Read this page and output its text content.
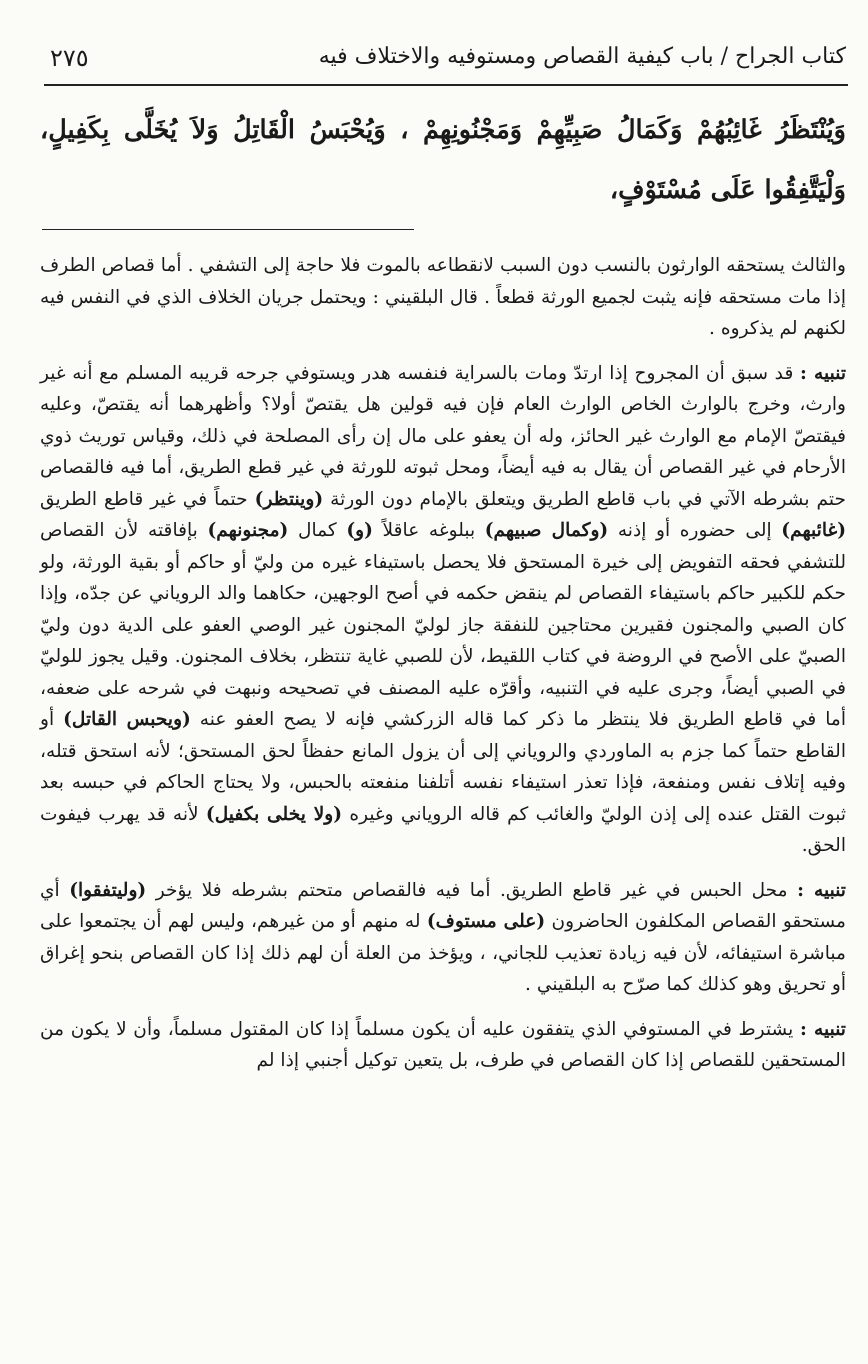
كتاب الجراح / باب كيفية القصاص ومستوفيه والاختلاف فيه
٢٧٥
وَيُنْتَظَرُ غَائِبُهُمْ وَكَمَالُ صَبِيِّهِمْ وَمَجْنُونِهِمْ ، وَيُحْبَسُ الْقَاتِلُ وَلاَ يُخَلَّى بِكَفِيلٍ، وَلْيَتَّفِقُوا عَلَى مُسْتَوْفٍ،

والثالث يستحقه الوارثون بالنسب دون السبب لانقطاعه بالموت فلا حاجة إلى التشفي . أما قصاص الطرف إذا مات مستحقه فإنه يثبت لجميع الورثة قطعاً . قال البلقيني : ويحتمل جريان الخلاف الذي في النفس فيه لكنهم لم يذكروه .

تنبيه : قد سبق أن المجروح إذا ارتدّ ومات بالسراية فنفسه هدر ويستوفي جرحه قريبه المسلم مع أنه غير وارث، وخرج بالوارث الخاص الوارث العام فإن فيه قولين هل يقتصّ أولا؟ وأظهرهما أنه يقتصّ، وعليه فيقتصّ الإمام مع الوارث غير الحائز، وله أن يعفو على مال إن رأى المصلحة في ذلك، وقياس توريث ذوي الأرحام في غير القصاص أن يقال به فيه أيضاً، ومحل ثبوته للورثة في غير قطع الطريق، أما فيه فالقصاص حتم بشرطه الآتي في باب قاطع الطريق ويتعلق بالإمام دون الورثة (وينتظر) حتماً في غير قاطع الطريق (غائبهم) إلى حضوره أو إذنه (وكمال صبيهم) ببلوغه عاقلاً (و) كمال (مجنونهم) بإفاقته لأن القصاص للتشفي فحقه التفويض إلى خيرة المستحق فلا يحصل باستيفاء غيره من وليّ أو حاكم أو بقية الورثة، ولو حكم للكبير حاكم باستيفاء القصاص لم ينقض حكمه في أصح الوجهين، حكاهما والد الروياني عن جدّه، وإذا كان الصبي والمجنون فقيرين محتاجين للنفقة جاز لوليّ المجنون غير الوصي العفو على الدية دون وليّ الصبيّ على الأصح في الروضة في كتاب اللقيط، لأن للصبي غاية تنتظر، بخلاف المجنون. وقيل يجوز للوليّ في الصبي أيضاً، وجرى عليه في التنبيه، وأقرّه عليه المصنف في تصحيحه ونبهت في شرحه على ضعفه، أما في قاطع الطريق فلا ينتظر ما ذكر كما قاله الزركشي فإنه لا يصح العفو عنه (ويحبس القاتل) أو القاطع حتماً كما جزم به الماوردي والروياني إلى أن يزول المانع حفظاً لحق المستحق؛ لأنه استحق قتله، وفيه إتلاف نفس ومنفعة، فإذا تعذر استيفاء نفسه أتلفنا منفعته بالحبس، ولا يحتاج الحاكم في حبسه بعد ثبوت القتل عنده إلى إذن الوليّ والغائب كم قاله الروياني وغيره (ولا يخلى بكفيل) لأنه قد يهرب فيفوت الحق.

تنبيه : محل الحبس في غير قاطع الطريق. أما فيه فالقصاص متحتم بشرطه فلا يؤخر (وليتفقوا) أي مستحقو القصاص المكلفون الحاضرون (على مستوف) له منهم أو من غيرهم، وليس لهم أن يجتمعوا على مباشرة استيفائه، لأن فيه زيادة تعذيب للجاني، ، ويؤخذ من العلة أن لهم ذلك إذا كان القصاص بنحو إغراق أو تحريق وهو كذلك كما صرّح به البلقيني .

تنبيه : يشترط في المستوفي الذي يتفقون عليه أن يكون مسلماً إذا كان المقتول مسلماً، وأن لا يكون من المستحقين للقصاص إذا كان القصاص في طرف، بل يتعين توكيل أجنبي إذا لم
